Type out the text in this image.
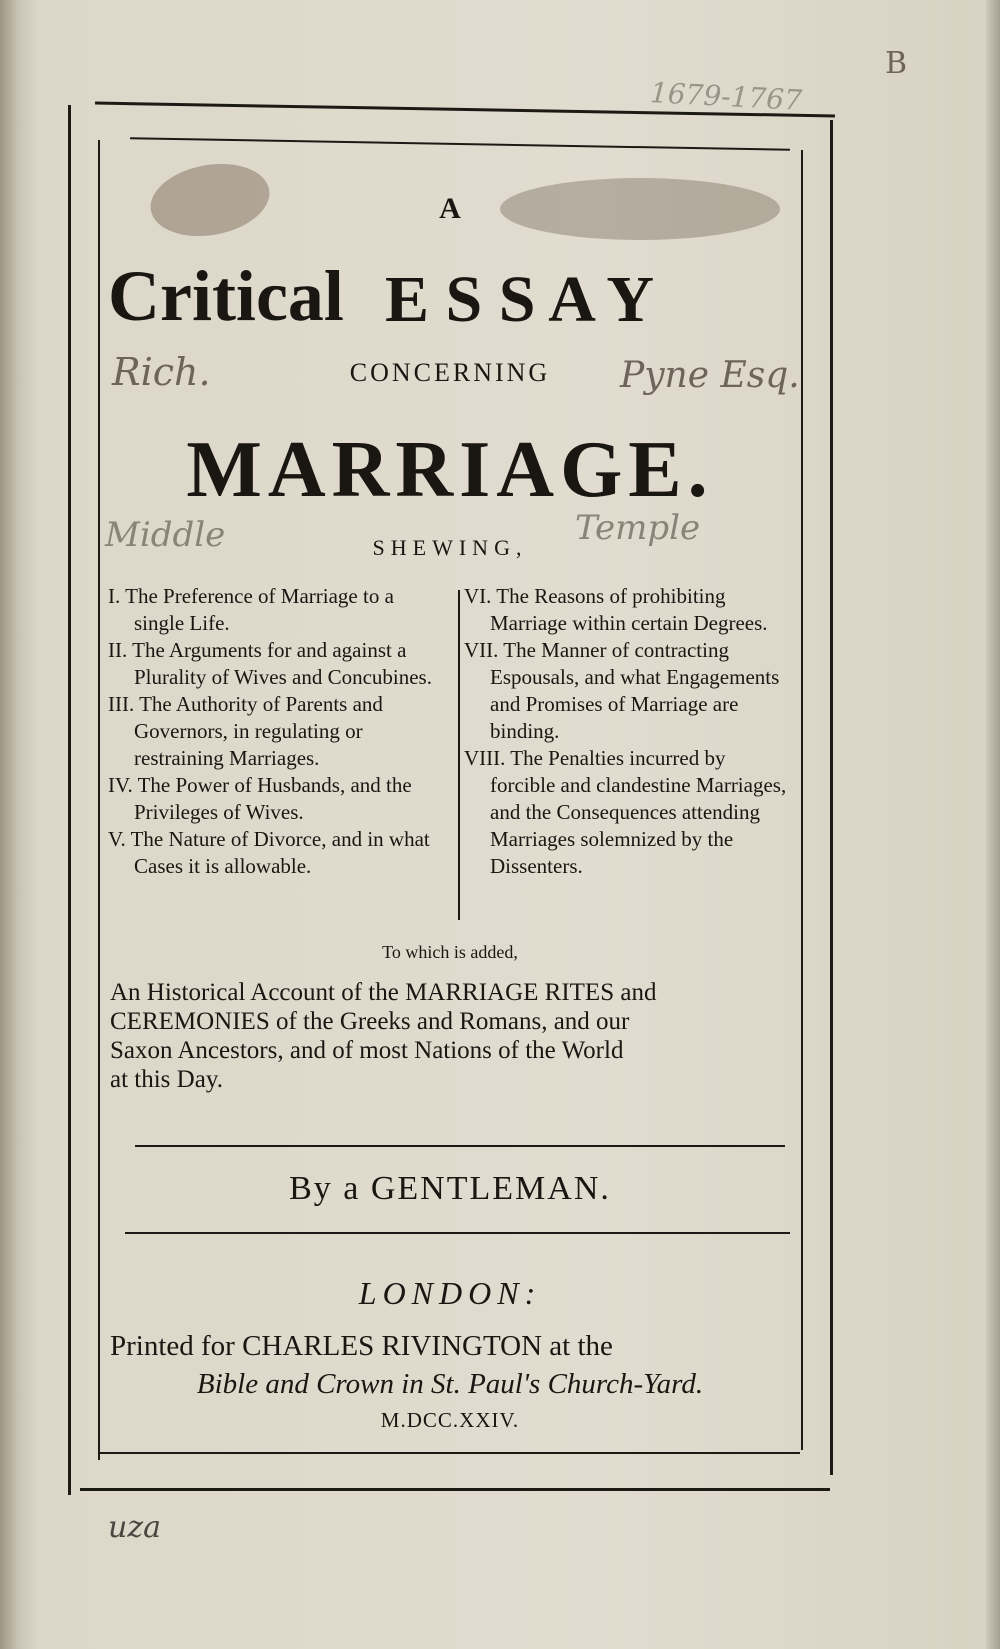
B
1679-1767
Rich.	Pyne Esq.
Middle	Temple
uza
A
Critical E S S A Y
CONCERNING
MARRIAGE.
SHEWING,
I. The Preference of Marriage to a single Life.
II. The Arguments for and against a Plurality of Wives and Concubines.
III. The Authority of Parents and Governors, in regulating or restraining Marriages.
IV. The Power of Husbands, and the Privileges of Wives.
V. The Nature of Divorce, and in what Cases it is allowable.
VI. The Reasons of prohibiting Marriage within certain Degrees.
VII. The Manner of contracting Espousals, and what Engagements and Promises of Marriage are binding.
VIII. The Penalties incurred by forcible and clandestine Marriages, and the Consequences attending Marriages solemnized by the Dissenters.
To which is added,
An Historical Account of the MARRIAGE RITES and
CEREMONIES of the Greeks and Romans, and our
Saxon Ancestors, and of most Nations of the World
at this Day.
By a GENTLEMAN.
LONDON:
Printed for CHARLES RIVINGTON at the
Bible and Crown in St. Paul's Church-Yard.
M.DCC.XXIV.
